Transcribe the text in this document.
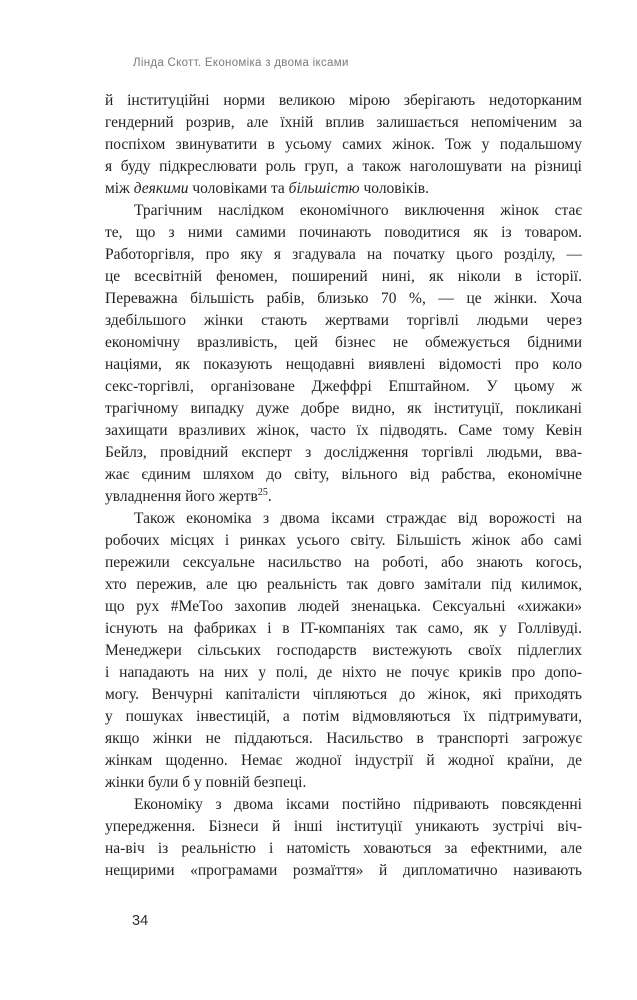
Лінда Скотт. Економіка з двома іксами
й інституційні норми великою мірою зберігають недоторканим
гендерний розрив, але їхній вплив залишається непоміченим за
поспіхом звинуватити в усьому самих жінок. Тож у подальшому
я буду підкреслювати роль груп, а також наголошувати на різниці
між деякими чоловіками та більшістю чоловіків.
Трагічним наслідком економічного виключення жінок стає
те, що з ними самими починають поводитися як із товаром.
Работоргівля, про яку я згадувала на початку цього розділу, —
це всесвітній феномен, поширений нині, як ніколи в історії.
Переважна більшість рабів, близько 70 %, — це жінки. Хоча
здебільшого жінки стають жертвами торгівлі людьми через
економічну вразливість, цей бізнес не обмежується бідними
націями, як показують нещодавні виявлені відомості про коло
секс-торгівлі, організоване Джеффрі Епштайном. У цьому ж
трагічному випадку дуже добре видно, як інституції, покликані
захищати вразливих жінок, часто їх підводять. Саме тому Кевін
Бейлз, провідний експерт з дослідження торгівлі людьми, вва-
жає єдиним шляхом до світу, вільного від рабства, економічне
увладнення його жертв$^{25}$.
Також економіка з двома іксами страждає від ворожості на
робочих місцях і ринках усього світу. Більшість жінок або самі
пережили сексуальне насильство на роботі, або знають когось,
хто пережив, але цю реальність так довго замітали під килимок,
що рух #MeToo захопив людей зненацька. Сексуальні «хижаки»
існують на фабриках і в IT-компаніях так само, як у Голлівуді.
Менеджери сільських господарств вистежують своїх підлеглих
і нападають на них у полі, де ніхто не почує криків про допо-
могу. Венчурні капіталісти чіпляються до жінок, які приходять
у пошуках інвестицій, а потім відмовляються їх підтримувати,
якщо жінки не піддаються. Насильство в транспорті загрожує
жінкам щоденно. Немає жодної індустрії й жодної країни, де
жінки були б у повній безпеці.
Економіку з двома іксами постійно підривають повсякденні
упередження. Бізнеси й інші інституції уникають зустрічі віч-
на-віч із реальністю і натомість ховаються за ефектними, але
нещирими «програмами розмаїття» й дипломатично називають
34
